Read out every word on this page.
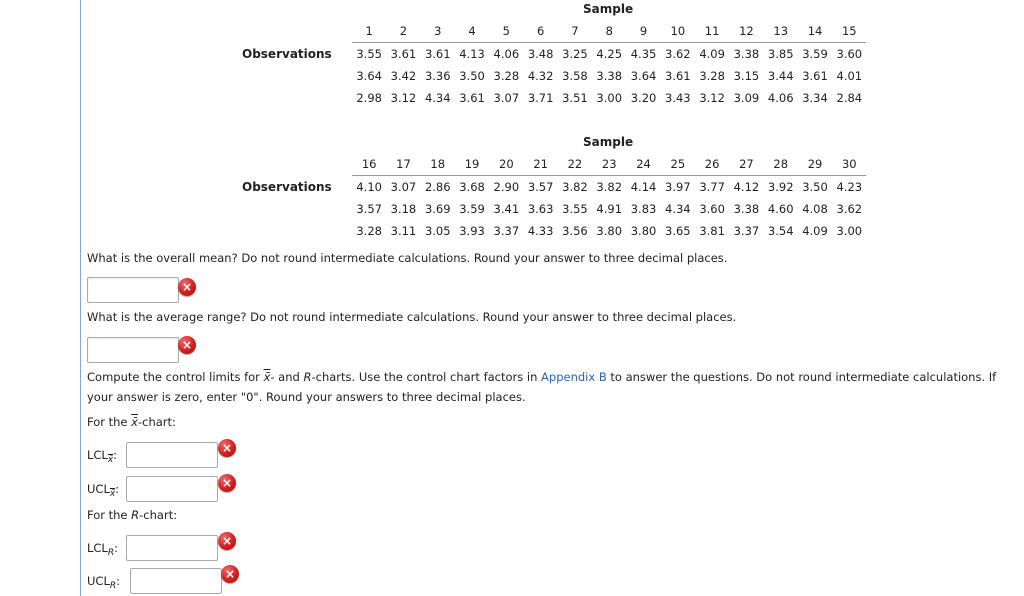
Sample
1	2	3	4	5	6	7	8	9	10	11	12	13	14	15
Observations	3.55 3.61 3.61 4.13 4.06 3.48 3.25 4.25 4.35 3.62 4.09 3.38 3.85 3.59 3.60
3.64 3.42 3.36 3.50 3.28 4.32 3.58 3.38 3.64 3.61 3.28 3.15 3.44 3.61 4.01
2.98 3.12 4.34 3.61 3.07 3.71 3.51 3.00 3.20 3.43 3.12 3.09 4.06 3.34 2.84
Sample
16	17	18	19	20	21	22	23	24	25	26	27	28	29	30
Observations	4.10 3.07 2.86 3.68 2.90 3.57 3.82 3.82 4.14 3.97 3.77 4.12 3.92 3.50 4.23
3.57 3.18 3.69 3.59 3.41 3.63 3.55 4.91 3.83 4.34 3.60 3.38 4.60 4.08 3.62
3.28 3.11 3.05 3.93 3.37 4.33 3.56 3.80 3.80 3.65 3.81 3.37 3.54 4.09 3.00
What is the overall mean? Do not round intermediate calculations. Round your answer to three decimal places.
×
What is the average range? Do not round intermediate calculations. Round your answer to three decimal places.
×
Compute the control limits for x̄- and R-charts. Use the control chart factors in Appendix B to answer the questions. Do not round intermediate calculations. If
your answer is zero, enter "0". Round your answers to three decimal places.
For the x̄-chart:
$LCL_{x̄}$:	×
$UCL_{x̄}$:	×
For the R-chart:
$LCL_R$:	×
$UCL_R$:	×
